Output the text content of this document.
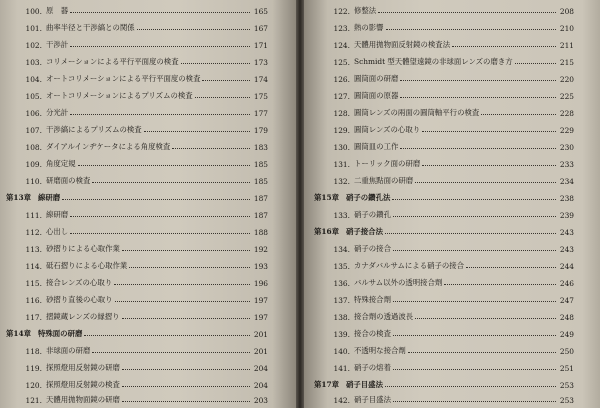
100. 原　器	165
101. 曲率半径と干渉縞との関係	167
102. 干渉計	171
103. コリメーションによる平行平面度の検査	173
104. オートコリメーションによる平行平面度の検査	174
105. オートコリメーションによるプリズムの検査	175
106. 分光計	177
107. 干渉縞によるプリズムの検査	179
108. ダイアルインヂケータによる角度検査	183
109. 角度定規	185
110. 研磨面の検査	185
第13章 線研磨	187
111. 線研磨	187
112. 心出し	188
113. 砂摺りによる心取作業	192
114. 砥石摺りによる心取作業	193
115. 接合レンズの心取り	196
116. 砂摺り直後の心取り	197
117. 摺鏡蔵レンズの縁摺り	197
第14章 特殊面の研磨	201
118. 非球面の研磨	201
119. 探照燈用反射鏡の研磨	204
120. 探照燈用反射鏡の検査	204
121. 天體用拋物面鏡の研磨	203
122. 修整法	208
123. 熱の影響	210
124. 天體用拋物面反射鏡の検査法	211
125. Schmidt 型天體望遠鏡の非球面レンズの磨き方	215
126. 圓筒面の研磨	220
127. 圓筒面の原器	225
128. 圓筒レンズの兩面の圓筒軸平行の検査	228
129. 圓筒レンズの心取り	229
130. 圓筒皿の工作	230
131. トーリック面の研磨	233
132. 二重焦點面の研磨	234
第15章 硝子の鑽孔法	238
133. 硝子の鑽孔	239
第16章 硝子接合法	243
134. 硝子の接合	243
135. カナダバルサムによる硝子の接合	244
136. バルサム以外の透明接合劑	246
137. 特殊接合劑	247
138. 接合劑の透過波長	248
139. 接合の検査	249
140. 不透明な接合劑	250
141. 硝子の熔着	251
第17章 硝子目盛法	253
142. 硝子目盛法	253
